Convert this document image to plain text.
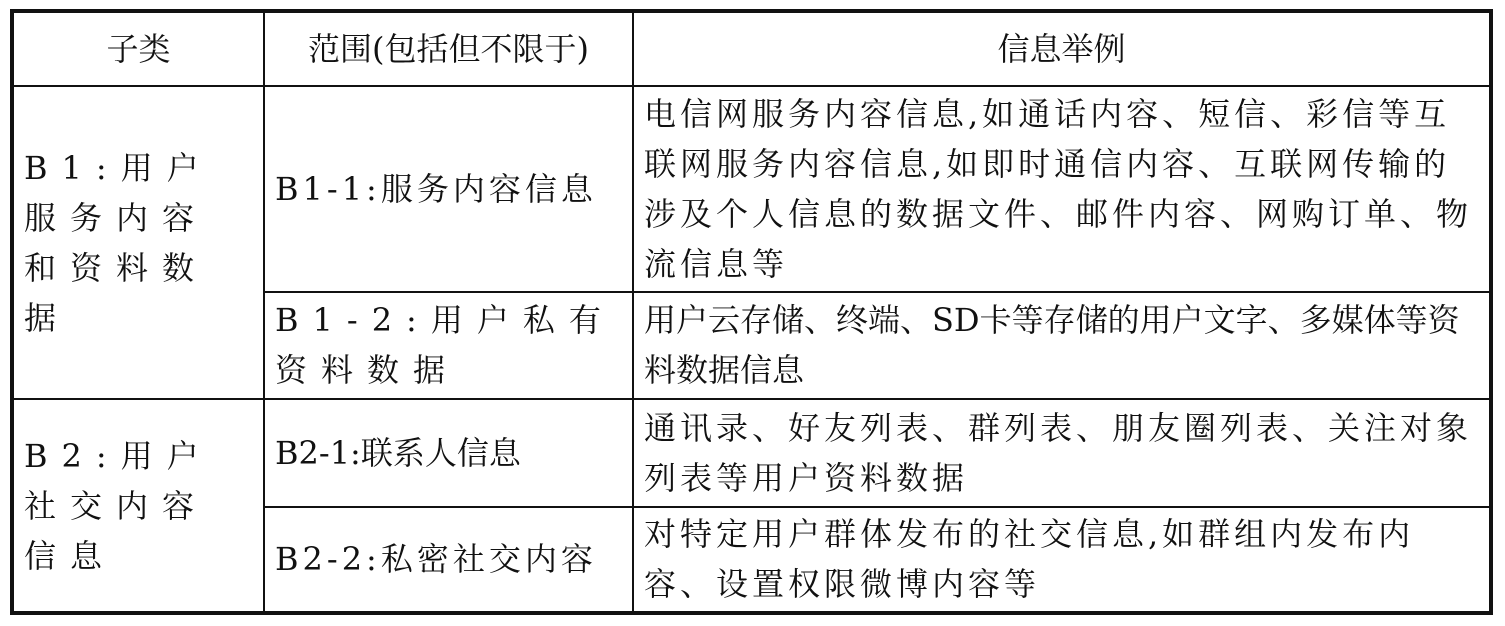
子类	范围(包括但不限于)	信息举例
B1:用户服务内容和资料数据	B1-1:服务内容信息	电信网服务内容信息,如通话内容、短信、彩信等互联网服务内容信息,如即时通信内容、互联网传输的涉及个人信息的数据文件、邮件内容、网购订单、物流信息等
	B1-2:用户私有资料数据	用户云存储、终端、SD卡等存储的用户文字、多媒体等资料数据信息
B2:用户社交内容信息	B2-1:联系人信息	通讯录、好友列表、群列表、朋友圈列表、关注对象列表等用户资料数据
	B2-2:私密社交内容	对特定用户群体发布的社交信息,如群组内发布内容、设置权限微博内容等
